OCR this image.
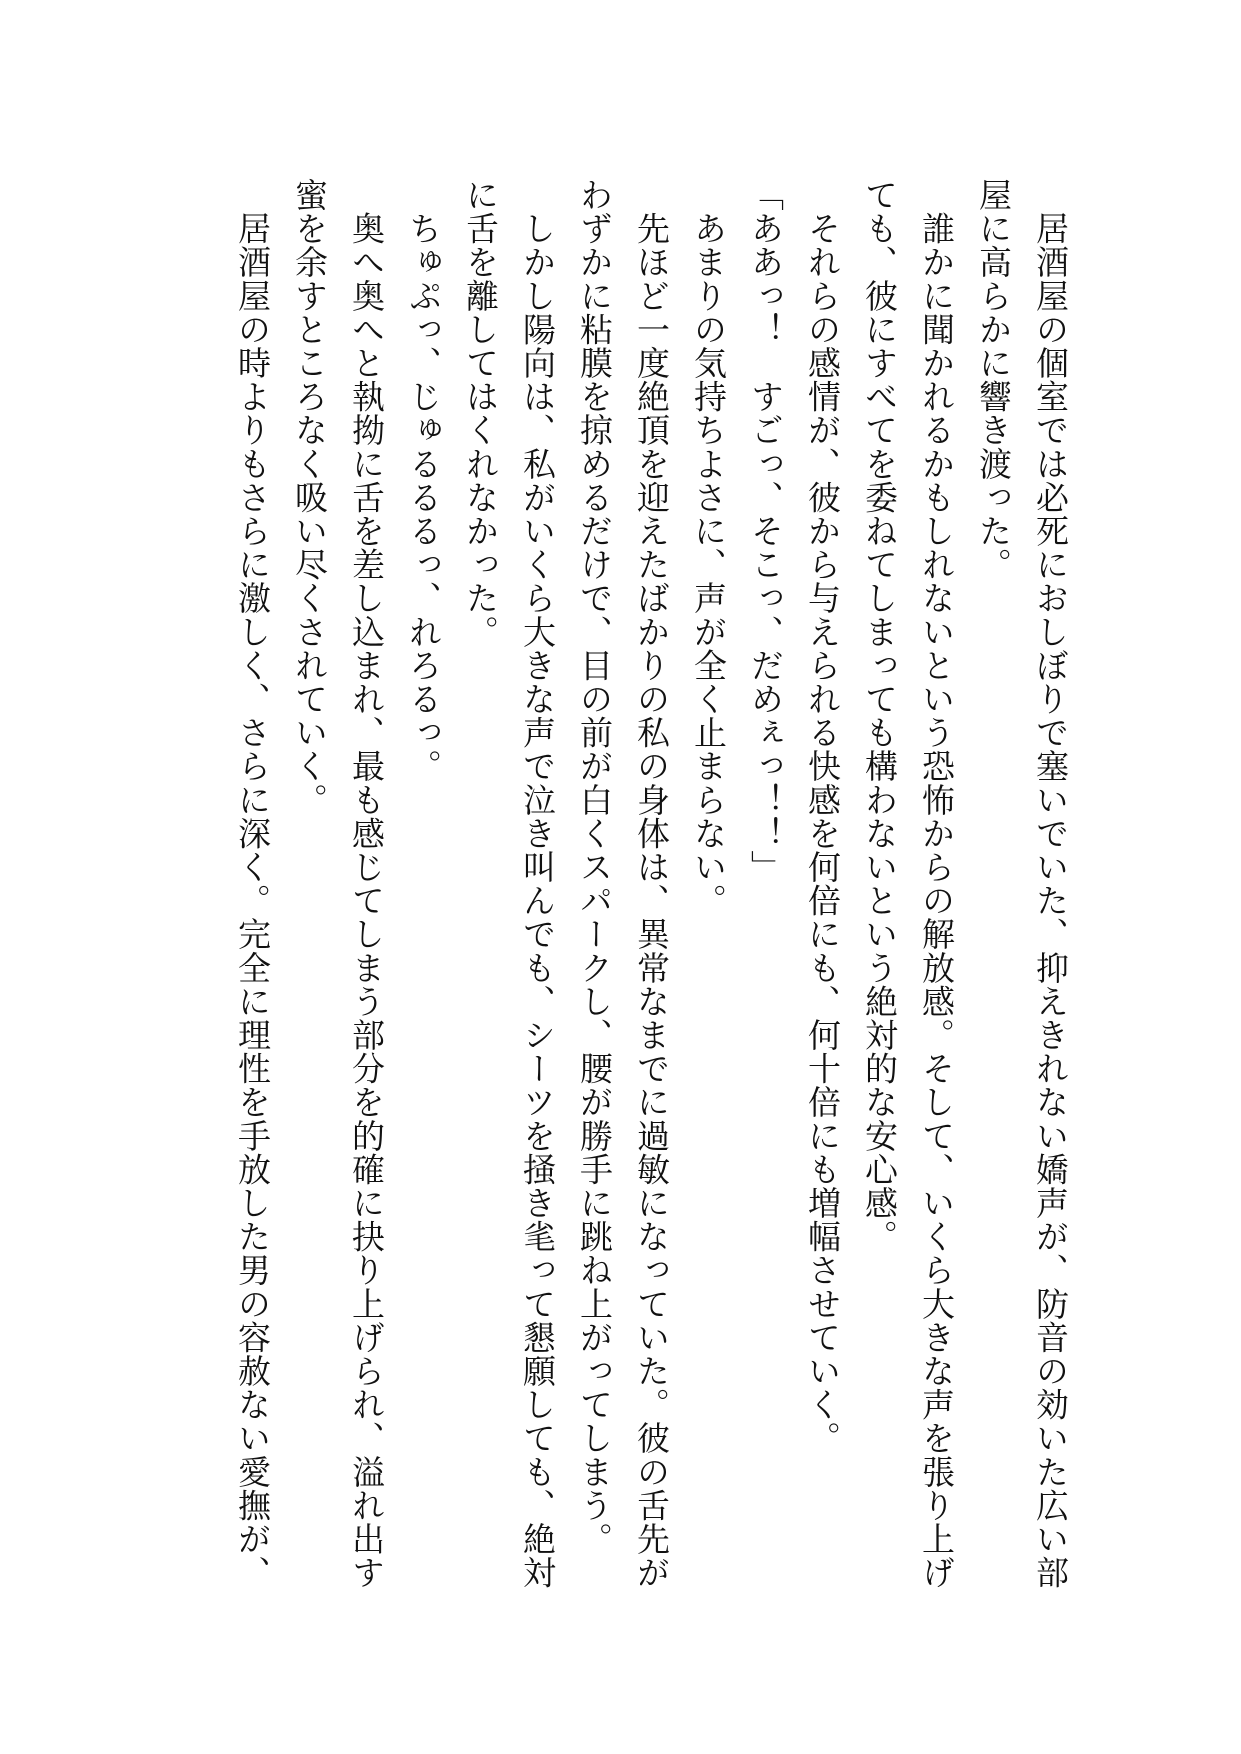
　居酒屋の個室では必死におしぼりで塞いでいた、抑えきれない嬌声が、防音の効いた広い部
屋に高らかに響き渡った。
　誰かに聞かれるかもしれないという恐怖からの解放感。そして、いくら大きな声を張り上げ
ても、彼にすべてを委ねてしまっても構わないという絶対的な安心感。
　それらの感情が、彼から与えられる快感を何倍にも、何十倍にも増幅させていく。
「ああっ！　すごっ、そこっ、だめぇっ！！」
　あまりの気持ちよさに、声が全く止まらない。
　先ほど一度絶頂を迎えたばかりの私の身体は、異常なまでに過敏になっていた。彼の舌先が
わずかに粘膜を掠めるだけで、目の前が白くスパークし、腰が勝手に跳ね上がってしまう。
　しかし陽向は、私がいくら大きな声で泣き叫んでも、シーツを掻き毟って懇願しても、絶対
に舌を離してはくれなかった。
　ちゅぷっ、じゅるるるっ、れろるっ。
　奥へ奥へと執拗に舌を差し込まれ、最も感じてしまう部分を的確に抉り上げられ、溢れ出す
蜜を余すところなく吸い尽くされていく。
　居酒屋の時よりもさらに激しく、さらに深く。完全に理性を手放した男の容赦ない愛撫が、
